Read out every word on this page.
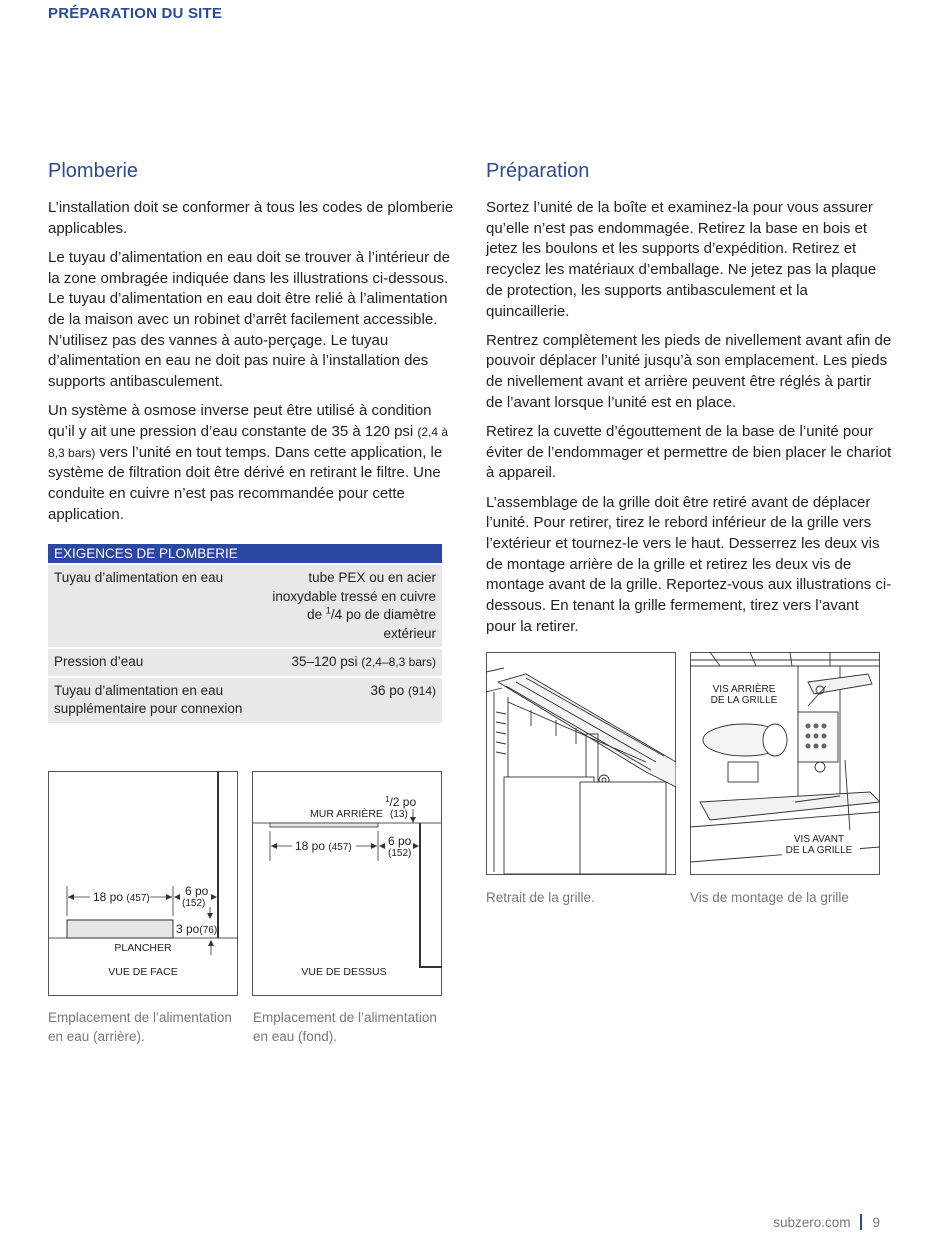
PRÉPARATION DU SITE
Plomberie

L’installation doit se conformer à tous les codes de plomberie applicables.

Le tuyau d’alimentation en eau doit se trouver à l’intérieur de la zone ombragée indiquée dans les illustrations ci-dessous. Le tuyau d’alimentation en eau doit être relié à l’alimentation de la maison avec un robinet d’arrêt facilement accessible. N’utilisez pas des vannes à auto-perçage. Le tuyau d’alimentation en eau ne doit pas nuire à l’installation des supports antibasculement.

Un système à osmose inverse peut être utilisé à condition qu’il y ait une pression d’eau constante de 35 à 120 psi (2,4 à 8,3 bars) vers l’unité en tout temps. Dans cette application, le système de filtration doit être dérivé en retirant le filtre. Une conduite en cuivre n’est pas recommandée pour cette application.

EXIGENCES DE PLOMBERIE	
Tuyau d’alimentation en eau	tube PEX ou en acier inoxydable tressé en cuivre de $^1$/4 po de diamètre extérieur
Pression d’eau	35–120 psi (2,4–8,3 bars)
Tuyau d’alimentation en eau supplémentaire pour connexion	36 po (914)
18 po (457)
6 po
(152)
3 po(76)
PLANCHER
VUE DE FACE
Emplacement de l’alimentation en eau (arrière).
$^1$/2 po
(13)
MUR ARRIÈRE
18 po (457)	6 po
(152)
VUE DE DESSUS
Emplacement de l’alimentation en eau (fond).
Préparation

Sortez l’unité de la boîte et examinez-la pour vous assurer qu’elle n’est pas endommagée. Retirez la base en bois et jetez les boulons et les supports d’expédition. Retirez et recyclez les matériaux d’emballage. Ne jetez pas la plaque de protection, les supports antibasculement et la quincaillerie.

Rentrez complètement les pieds de nivellement avant afin de pouvoir déplacer l’unité jusqu’à son emplacement. Les pieds de nivellement avant et arrière peuvent être réglés à partir de l’avant lorsque l’unité est en place.

Retirez la cuvette d’égouttement de la base de l’unité pour éviter de l’endommager et permettre de bien placer le chariot à appareil.

L’assemblage de la grille doit être retiré avant de déplacer l’unité. Pour retirer, tirez le rebord inférieur de la grille vers l’extérieur et tournez-le vers le haut. Desserrez les deux vis de montage arrière de la grille et retirez les deux vis de montage avant de la grille. Reportez-vous aux illustrations ci-dessous. En tenant la grille fermement, tirez vers l’avant pour la retirer.

Retrait de la grille.
VIS ARRIÈRE
DE LA GRILLE
VIS AVANT
DE LA GRILLE
Vis de montage de la grille
subzero.com 9
